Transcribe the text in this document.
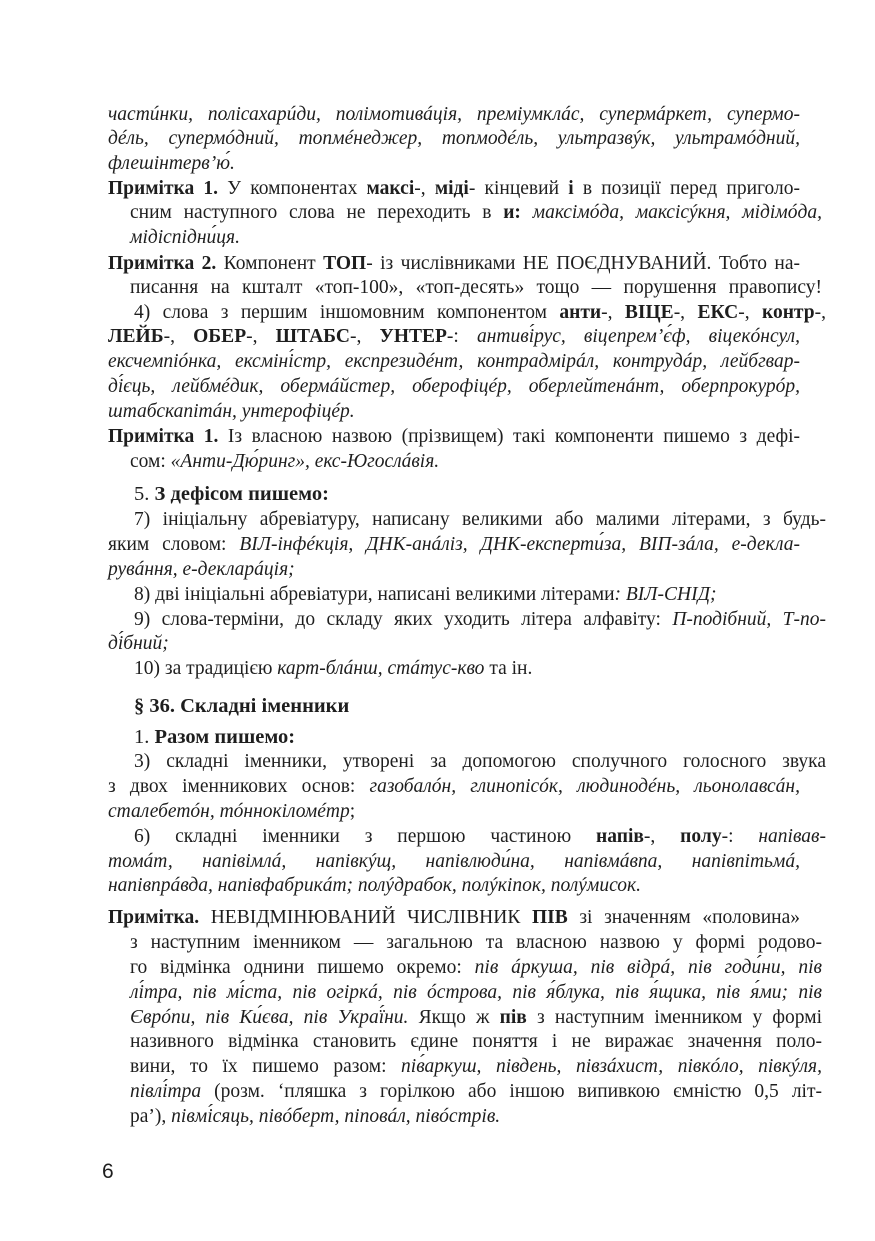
частúнки, полісахарúди, полімотивáція, преміумклáс, супермáркет, супермо-
дéль, супермóдний, топмéнеджер, топмодéль, ультразвýк, ультрамóдний,
флешінтерв’ю́.
Примітка 1. У компонентах максі-, міді- кінцевий і в позиції перед приголо-
сним наступного слова не переходить в и: максімóда, максісýкня, мідімóда,
мідіспідни́ця.
Примітка 2. Компонент ТОП- із числівниками НЕ ПОЄДНУВАНИЙ. Тобто на-
писання на кшталт «топ-100», «топ-десять» тощо — порушення правопису!
4) слова з першим іншомовним компонентом анти-, ВІЦЕ-, ЕКС-, контр-,
ЛЕЙБ-, ОБЕР-, ШТАБС-, УНТЕР-: антиві́рус, віцепрем’є́ф, віцекóнсул,
ексчемпіóнка, ексміні́стр, експрезидéнт, контрадмірáл, контрудáр, лейбгвар-
ді́єць, лейбмéдик, обермáйстер, оберофіцéр, оберлейтенáнт, оберпрокурóр,
штабскапітáн, унтерофіцéр.
Примітка 1. Із власною назвою (прізвищем) такі компоненти пишемо з дефі-
сом: «Анти-Дю́ринг», екс-Югослáвія.
5. З дефісом пишемо:
7) ініціальну абревіатуру, написану великими або малими літерами, з будь-
яким словом: ВІЛ-інфéкція, ДНК-анáліз, ДНК-експерти́за, ВІП-зáла, е-декла-
рувáння, е-декларáція;
8) дві ініціальні абревіатури, написані великими літерами: ВІЛ-СНІД;
9) слова-терміни, до складу яких уходить літера алфавіту: П-подібний, Т-по-
ді́бний;
10) за традицією карт-блáнш, стáтус-кво та ін.
§ 36. Складні іменники
1. Разом пишемо:
3) складні іменники, утворені за допомогою сполучного голосного звука
з двох іменникових основ: газобалóн, глинопісóк, людинодéнь, льонолавсáн,
сталебетóн, тóннокіломéтр;
6) складні іменники з першою частиною напів-, полу-: напівав-
томáт, напівімлá, напівкýщ, напівлюди́на, напівмáвпа, напівпітьмá,
напівпрáвда, напівфабрикáт; полýдрабок, полýкіпок, полýмисок.
Примітка. НЕВІДМІНЮВАНИЙ ЧИСЛІВНИК ПІВ зі значенням «половина»
з наступним іменником — загальною та власною назвою у формі родово-
го відмінка однини пишемо окремо: пів áркуша, пів відрá, пів годи́ни, пів
лі́тра, пів мі́ста, пів огіркá, пів óстрова, пів я́блука, пів я́щика, пів я́ми; пів
Єврóпи, пів Ки́єва, пів Украї́ни. Якщо ж пів з наступним іменником у формі
називного відмінка становить єдине поняття і не виражає значення поло-
вини, то їх пишемо разом: пів́аркуш, південь, півзáхист, півкóло, півкýля,
півлі́тра (розм. ‘пляшка з горілкою або іншою випивкою ємністю 0,5 літ-
ра’), півмі́сяць, півóберт, піповáл, півóстрів.
6
